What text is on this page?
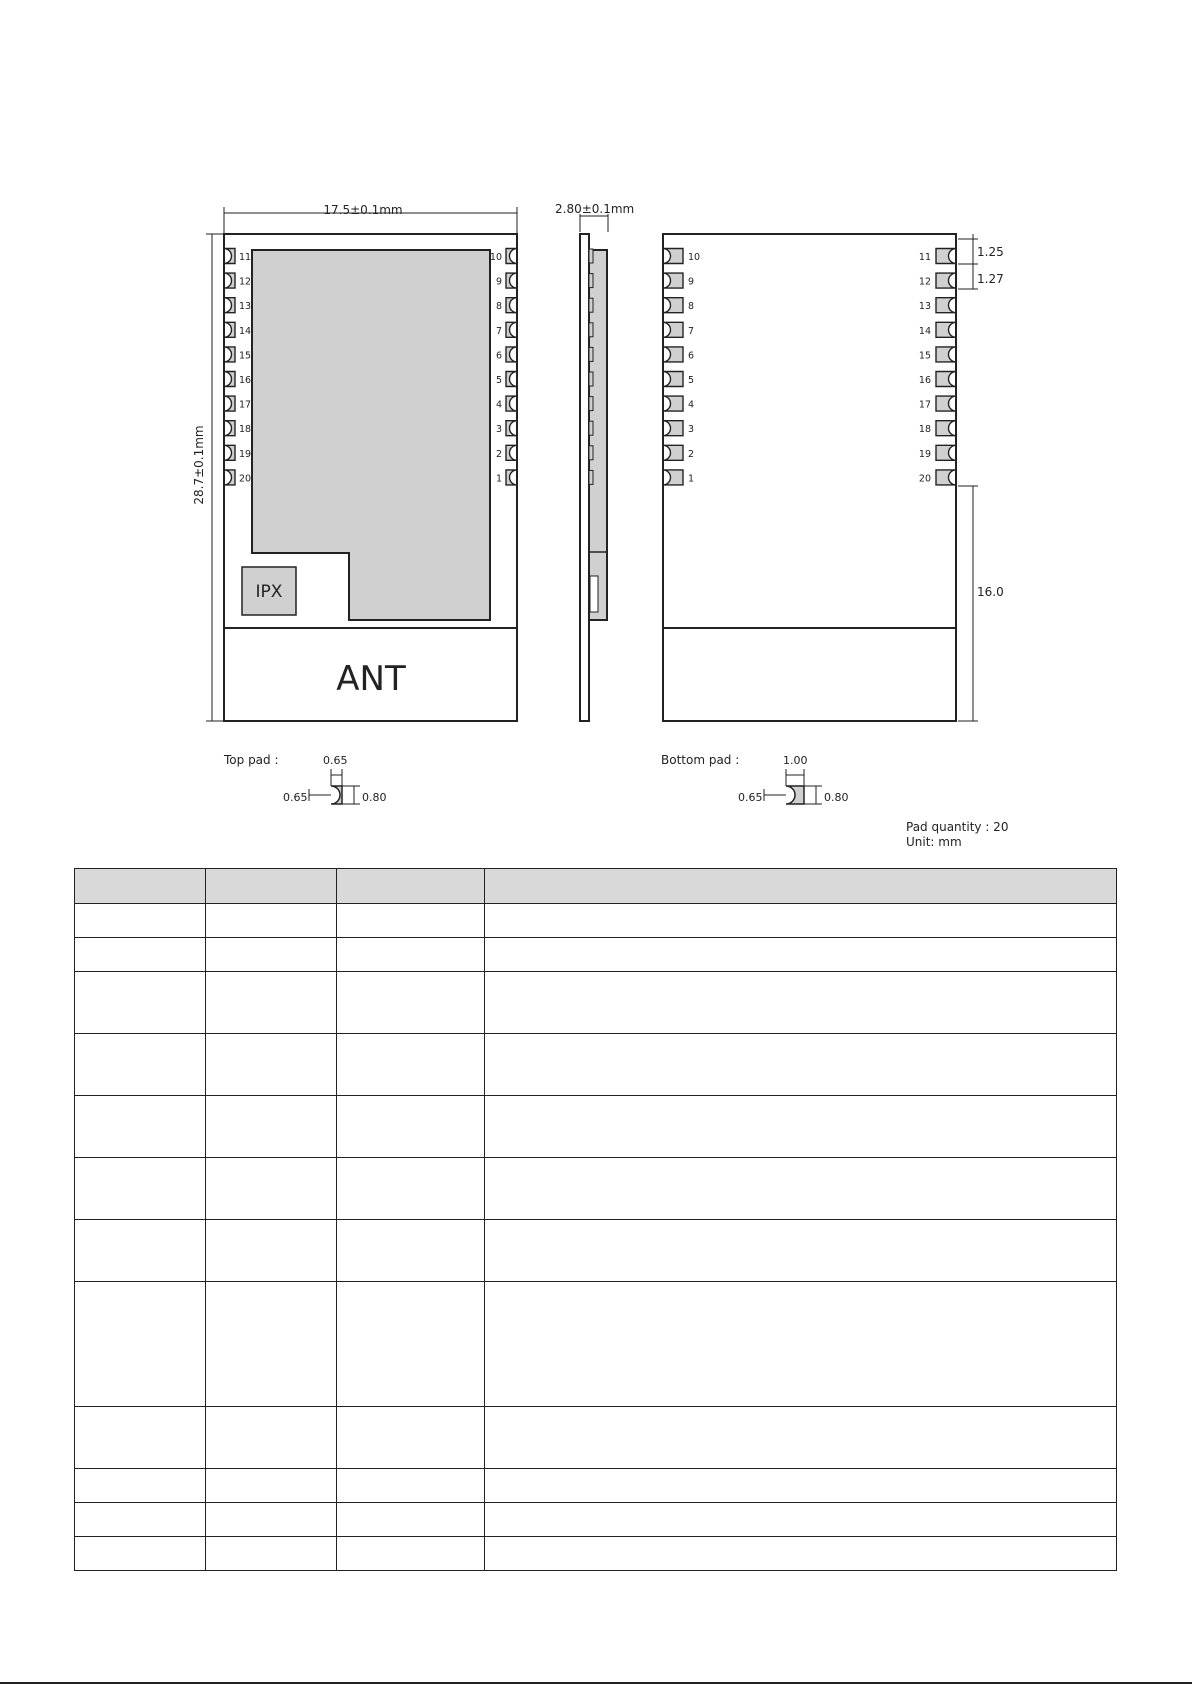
17.5±0.1mm
28.7±0.1mm
IPX
ANT
11
12
13
14
15
16
17
18
19
20
10
9
8
7
6
5
4
3
2
1
2.80±0.1mm
10
9
8
7
6
5
4
3
2
1
11
12
13
14
15
16
17
18
19
20
1.25
1.27
16.0
Top pad :	0.65
0.65	0.80
Bottom pad :	1.00
0.65	0.80
Pad quantity : 20
Unit: mm
